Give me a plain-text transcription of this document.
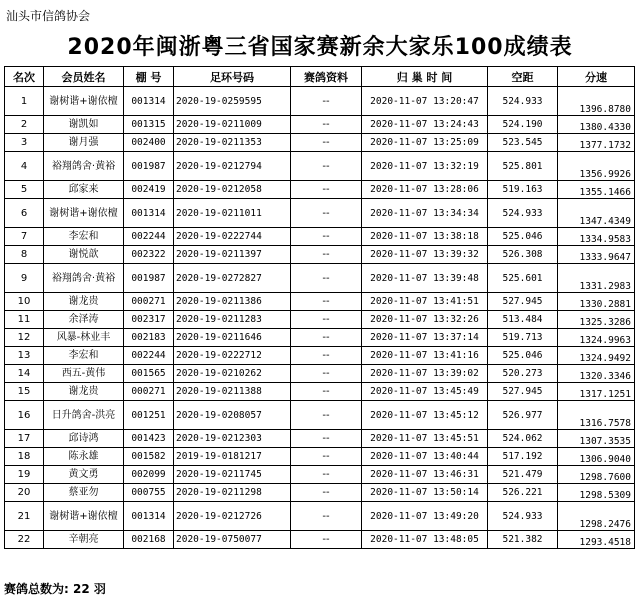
汕头市信鸽协会
2020年闽浙粤三省国家赛新余大家乐100成绩表
名次	会员姓名	棚 号	足环号码	赛鸽资料	归 巢 时 间	空距	分速
1	谢树谐+谢依檀	001314	2020-19-0259595	--	2020-11-07 13:20:47	524.933	1396.8780
2	谢凯如	001315	2020-19-0211009	--	2020-11-07 13:24:43	524.190	1380.4330
3	谢月强	002400	2020-19-0211353	--	2020-11-07 13:25:09	523.545	1377.1732
4	裕翔鸽舍·黄裕	001987	2020-19-0212794	--	2020-11-07 13:32:19	525.801	1356.9926
5	邱家来	002419	2020-19-0212058	--	2020-11-07 13:28:06	519.163	1355.1466
6	谢树谐+谢依檀	001314	2020-19-0211011	--	2020-11-07 13:34:34	524.933	1347.4349
7	李宏和	002244	2020-19-0222744	--	2020-11-07 13:38:18	525.046	1334.9583
8	谢悦歆	002322	2020-19-0211397	--	2020-11-07 13:39:32	526.308	1333.9647
9	裕翔鸽舍·黄裕	001987	2020-19-0272827	--	2020-11-07 13:39:48	525.601	1331.2983
10	谢龙贵	000271	2020-19-0211386	--	2020-11-07 13:41:51	527.945	1330.2881
11	余泽涛	002317	2020-19-0211283	--	2020-11-07 13:32:26	513.484	1325.3286
12	风暴-林业丰	002183	2020-19-0211646	--	2020-11-07 13:37:14	519.713	1324.9963
13	李宏和	002244	2020-19-0222712	--	2020-11-07 13:41:16	525.046	1324.9492
14	西五-黄伟	001565	2020-19-0210262	--	2020-11-07 13:39:02	520.273	1320.3346
15	谢龙贵	000271	2020-19-0211388	--	2020-11-07 13:45:49	527.945	1317.1251
16	日升鸽舍-洪亮	001251	2020-19-0208057	--	2020-11-07 13:45:12	526.977	1316.7578
17	邱诗鸿	001423	2020-19-0212303	--	2020-11-07 13:45:51	524.062	1307.3535
18	陈永雄	001582	2019-19-0181217	--	2020-11-07 13:40:44	517.192	1306.9040
19	黄文勇	002099	2020-19-0211745	--	2020-11-07 13:46:31	521.479	1298.7600
20	蔡亚勿	000755	2020-19-0211298	--	2020-11-07 13:50:14	526.221	1298.5309
21	谢树谐+谢依檀	001314	2020-19-0212726	--	2020-11-07 13:49:20	524.933	1298.2476
22	辛朝亮	002168	2020-19-0750077	--	2020-11-07 13:48:05	521.382	1293.4518
赛鸽总数为: 22 羽
